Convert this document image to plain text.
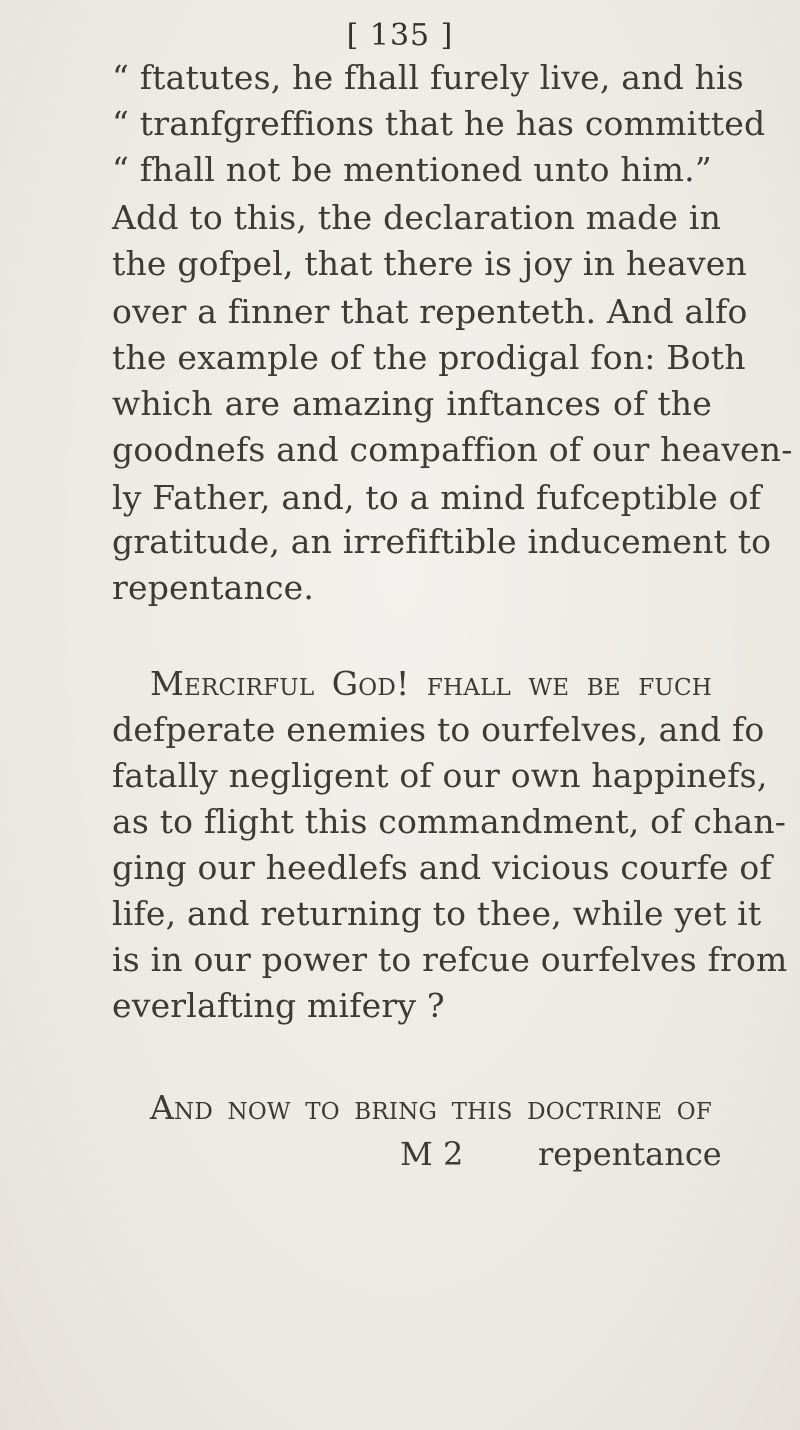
[ 135 ]
“ ftatutes, he fhall furely live, and his
“ tranfgreffions that he has committed
“ fhall not be mentioned unto him.”
Add to this, the declaration made in
the gofpel, that there is joy in heaven
over a finner that repenteth. And alfo
the example of the prodigal fon: Both
which are amazing inftances of the
goodnefs and compaffion of our heaven-
ly Father, and, to a mind fufceptible of
gratitude, an irrefiftible inducement to
repentance.
Mercirful God! fhall we be fuch
defperate enemies to ourfelves, and fo
fatally negligent of our own happinefs,
as to flight this commandment, of chan-
ging our heedlefs and vicious courfe of
life, and returning to thee, while yet it
is in our power to refcue ourfelves from
everlafting mifery ?
And now to bring this doctrine of
M 2 repentance
